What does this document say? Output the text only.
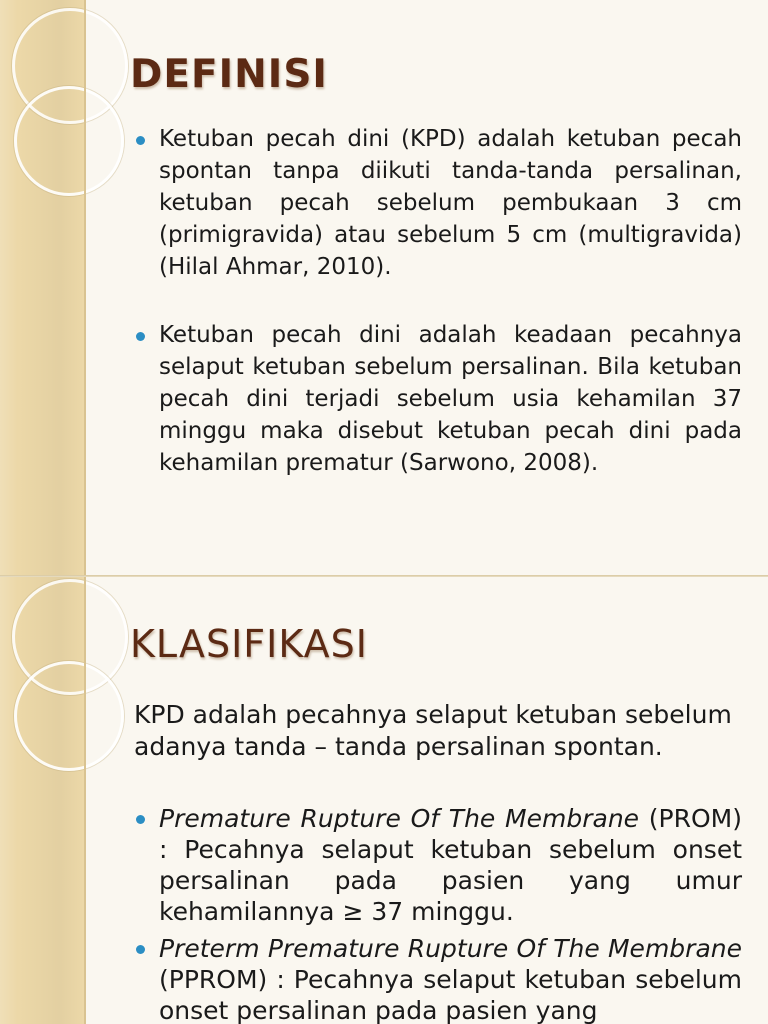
DEFINISI
Ketuban pecah dini (KPD) adalah ketuban pecah spontan tanpa diikuti tanda-tanda persalinan, ketuban pecah sebelum pembukaan 3 cm (primigravida) atau sebelum 5 cm (multigravida) (Hilal Ahmar, 2010).
Ketuban pecah dini adalah keadaan pecahnya selaput ketuban sebelum persalinan. Bila ketuban pecah dini terjadi sebelum usia kehamilan 37 minggu maka disebut ketuban pecah dini pada kehamilan prematur (Sarwono, 2008).
KLASIFIKASI
KPD adalah pecahnya selaput ketuban sebelum adanya tanda – tanda persalinan spontan.
Premature Rupture Of The Membrane (PROM) : Pecahnya selaput ketuban sebelum onset persalinan pada pasien yang umur kehamilannya ≥ 37 minggu.
Preterm Premature Rupture Of The Membrane (PPROM) : Pecahnya selaput ketuban sebelum onset persalinan pada pasien yang
